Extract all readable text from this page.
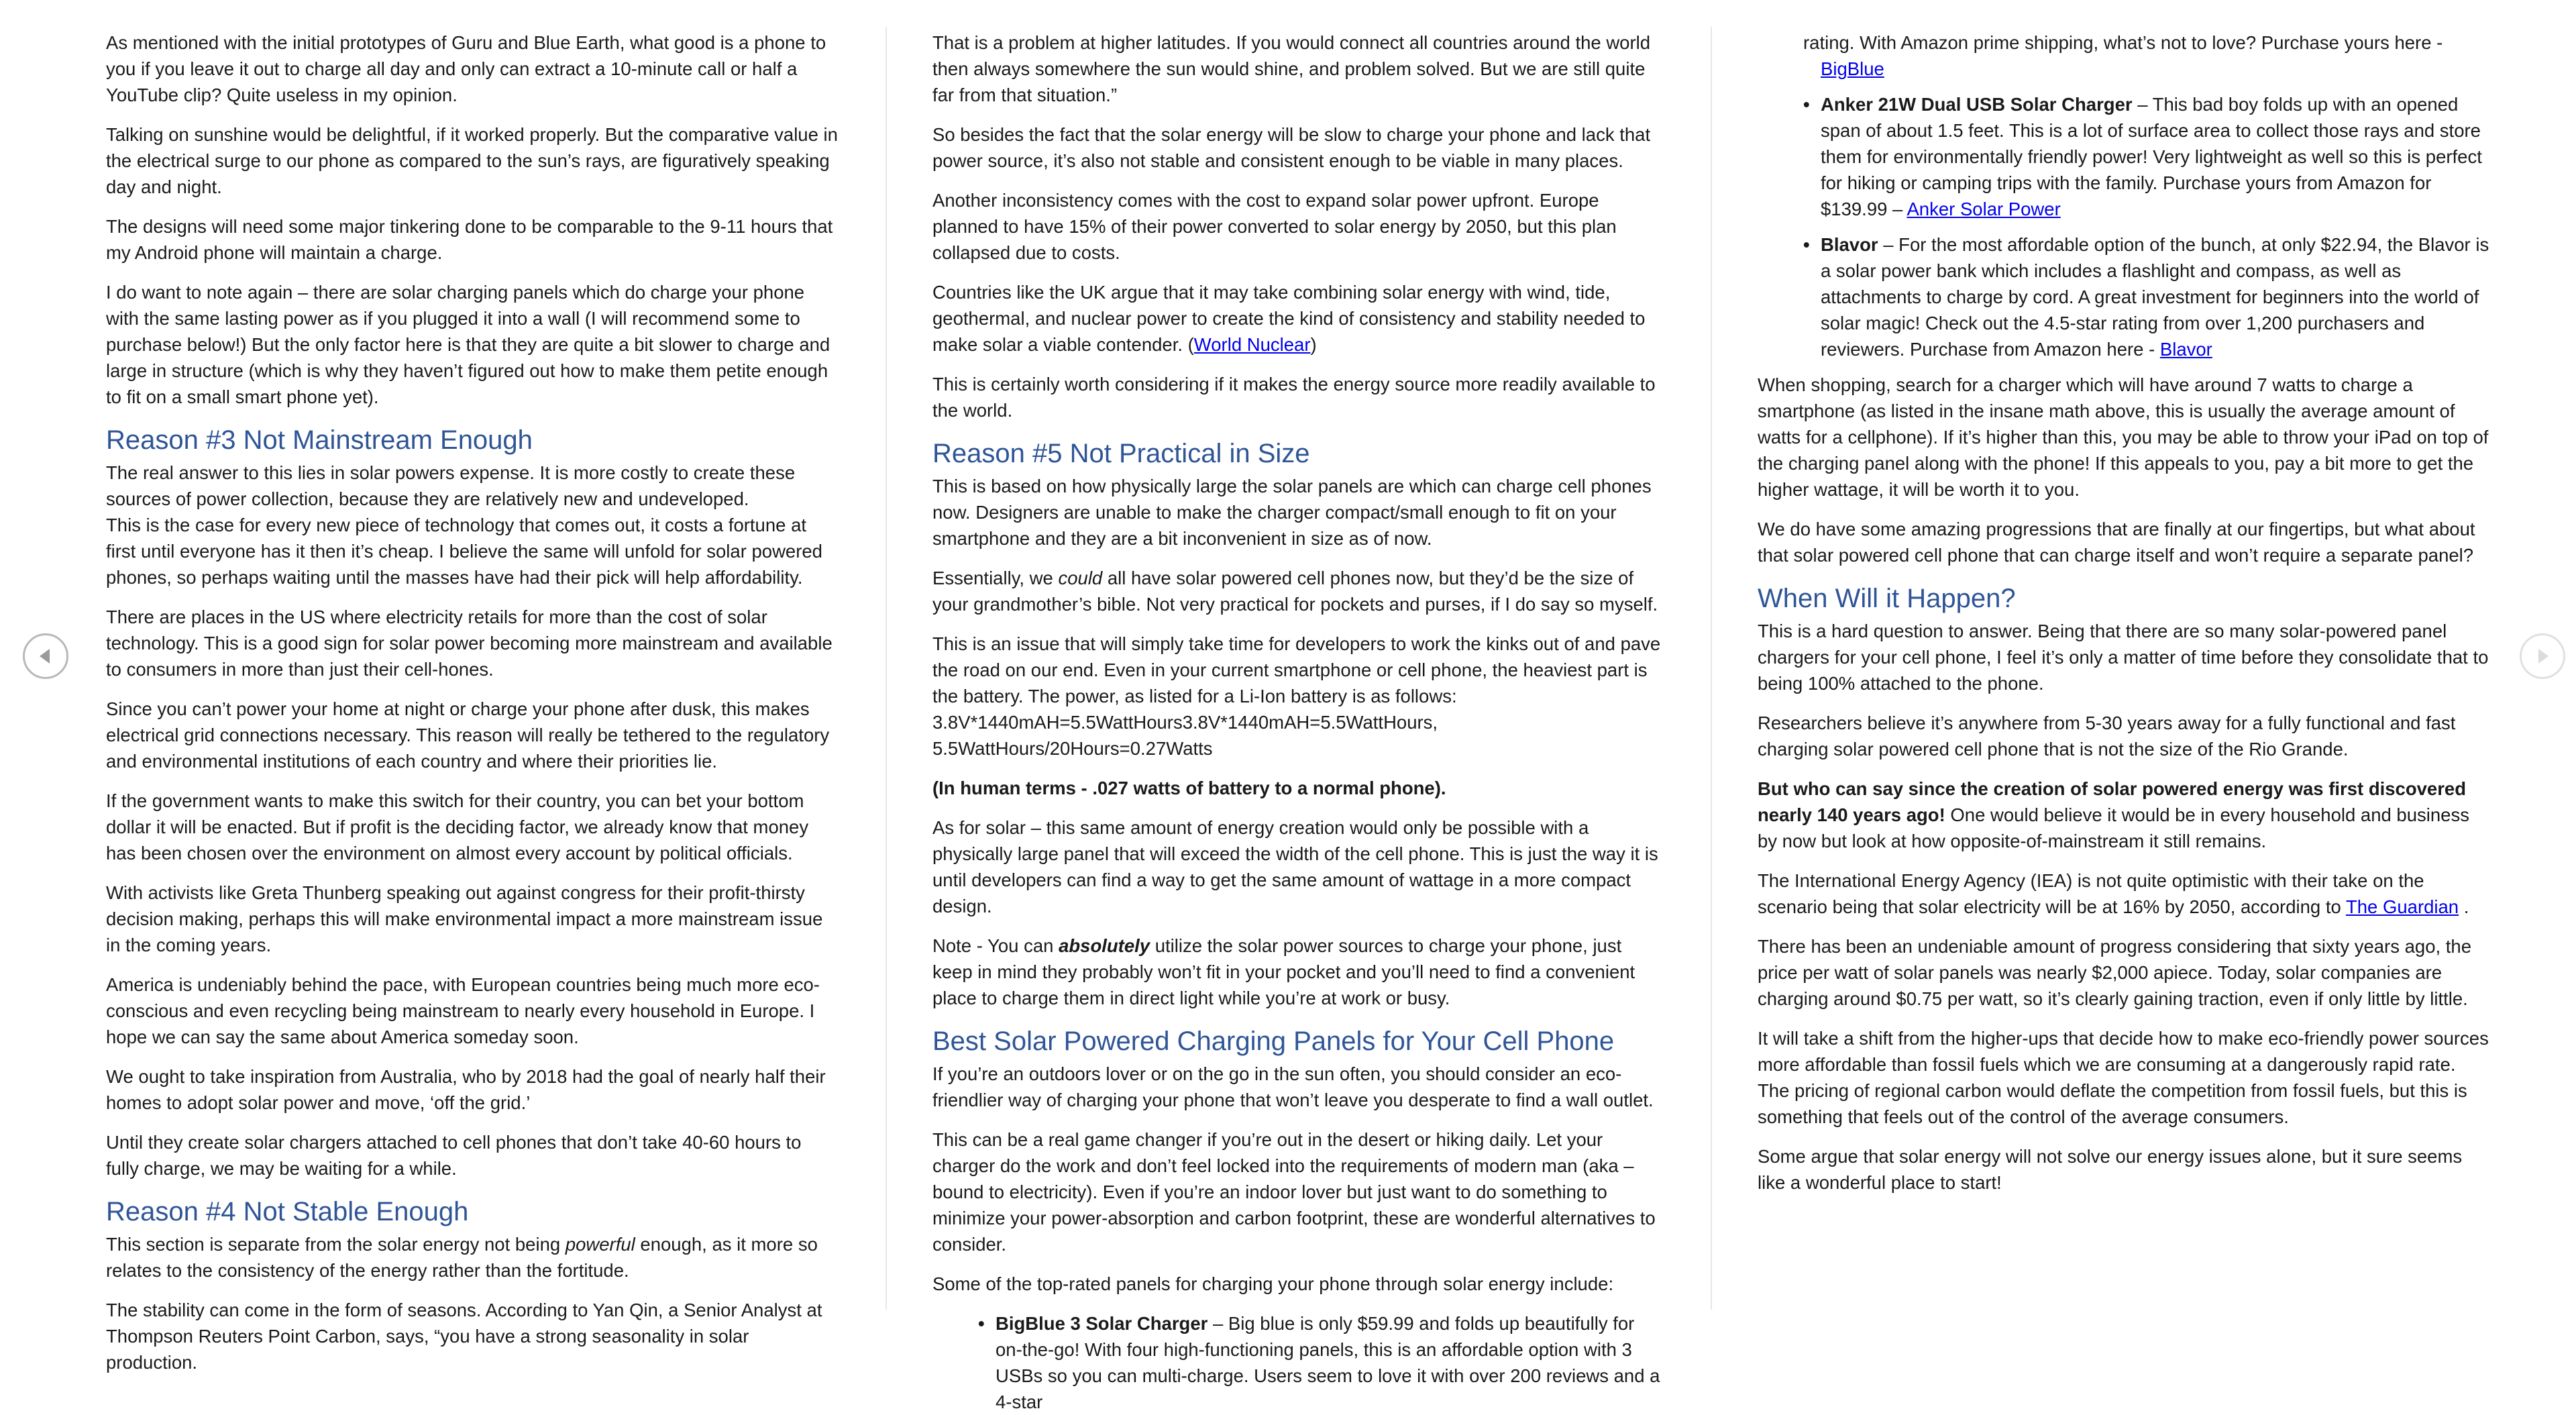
As mentioned with the initial prototypes of Guru and Blue Earth, what good is a phone to you if you leave it out to charge all day and only can extract a 10-minute call or half a YouTube clip? Quite useless in my opinion.

Talking on sunshine would be delightful, if it worked properly. But the comparative value in the electrical surge to our phone as compared to the sun’s rays, are figuratively speaking day and night.

The designs will need some major tinkering done to be comparable to the 9-11 hours that my Android phone will maintain a charge.

I do want to note again – there are solar charging panels which do charge your phone with the same lasting power as if you plugged it into a wall (I will recommend some to purchase below!) But the only factor here is that they are quite a bit slower to charge and large in structure (which is why they haven’t figured out how to make them petite enough to fit on a small smart phone yet).

Reason #3 Not Mainstream Enough

The real answer to this lies in solar powers expense. It is more costly to create these sources of power collection, because they are relatively new and undeveloped.

This is the case for every new piece of technology that comes out, it costs a fortune at first until everyone has it then it’s cheap. I believe the same will unfold for solar powered phones, so perhaps waiting until the masses have had their pick will help affordability.

There are places in the US where electricity retails for more than the cost of solar technology. This is a good sign for solar power becoming more mainstream and available to consumers in more than just their cell-hones.

Since you can’t power your home at night or charge your phone after dusk, this makes electrical grid connections necessary. This reason will really be tethered to the regulatory and environmental institutions of each country and where their priorities lie.

If the government wants to make this switch for their country, you can bet your bottom dollar it will be enacted. But if profit is the deciding factor, we already know that money has been chosen over the environment on almost every account by political officials.

With activists like Greta Thunberg speaking out against congress for their profit-thirsty decision making, perhaps this will make environmental impact a more mainstream issue in the coming years.

America is undeniably behind the pace, with European countries being much more eco-conscious and even recycling being mainstream to nearly every household in Europe. I hope we can say the same about America someday soon.

We ought to take inspiration from Australia, who by 2018 had the goal of nearly half their homes to adopt solar power and move, ‘off the grid.’

Until they create solar chargers attached to cell phones that don’t take 40-60 hours to fully charge, we may be waiting for a while.

Reason #4 Not Stable Enough

This section is separate from the solar energy not being powerful enough, as it more so relates to the consistency of the energy rather than the fortitude.

The stability can come in the form of seasons. According to Yan Qin, a Senior Analyst at Thompson Reuters Point Carbon, says, “you have a strong seasonality in solar production.

That is a problem at higher latitudes. If you would connect all countries around the world then always somewhere the sun would shine, and problem solved. But we are still quite far from that situation.”

So besides the fact that the solar energy will be slow to charge your phone and lack that power source, it’s also not stable and consistent enough to be viable in many places.

Another inconsistency comes with the cost to expand solar power upfront. Europe planned to have 15% of their power converted to solar energy by 2050, but this plan collapsed due to costs.

Countries like the UK argue that it may take combining solar energy with wind, tide, geothermal, and nuclear power to create the kind of consistency and stability needed to make solar a viable contender. (World Nuclear)

This is certainly worth considering if it makes the energy source more readily available to the world.

Reason #5 Not Practical in Size

This is based on how physically large the solar panels are which can charge cell phones now. Designers are unable to make the charger compact/small enough to fit on your smartphone and they are a bit inconvenient in size as of now.

Essentially, we could all have solar powered cell phones now, but they’d be the size of your grandmother’s bible. Not very practical for pockets and purses, if I do say so myself.

This is an issue that will simply take time for developers to work the kinks out of and pave the road on our end. Even in your current smartphone or cell phone, the heaviest part is the battery. The power, as listed for a Li-Ion battery is as follows: 3.8V*1440mAH=5.5WattHours3.8V*1440mAH=5.5WattHours, 5.5WattHours/20Hours=0.27Watts

(In human terms - .027 watts of battery to a normal phone).

As for solar – this same amount of energy creation would only be possible with a physically large panel that will exceed the width of the cell phone. This is just the way it is until developers can find a way to get the same amount of wattage in a more compact design.

Note - You can absolutely utilize the solar power sources to charge your phone, just keep in mind they probably won’t fit in your pocket and you’ll need to find a convenient place to charge them in direct light while you’re at work or busy.

Best Solar Powered Charging Panels for Your Cell Phone

If you’re an outdoors lover or on the go in the sun often, you should consider an eco-friendlier way of charging your phone that won’t leave you desperate to find a wall outlet.

This can be a real game changer if you’re out in the desert or hiking daily. Let your charger do the work and don’t feel locked into the requirements of modern man (aka – bound to electricity). Even if you’re an indoor lover but just want to do something to minimize your power-absorption and carbon footprint, these are wonderful alternatives to consider.

Some of the top-rated panels for charging your phone through solar energy include:

• BigBlue 3 Solar Charger – Big blue is only $59.99 and folds up beautifully for on-the-go! With four high-functioning panels, this is an affordable option with 3 USBs so you can multi-charge. Users seem to love it with over 200 reviews and a 4-star
rating. With Amazon prime shipping, what’s not to love? Purchase yours here - BigBlue
• Anker 21W Dual USB Solar Charger – This bad boy folds up with an opened span of about 1.5 feet. This is a lot of surface area to collect those rays and store them for environmentally friendly power! Very lightweight as well so this is perfect for hiking or camping trips with the family. Purchase yours from Amazon for $139.99 – Anker Solar Power
• Blavor – For the most affordable option of the bunch, at only $22.94, the Blavor is a solar power bank which includes a flashlight and compass, as well as attachments to charge by cord. A great investment for beginners into the world of solar magic! Check out the 4.5-star rating from over 1,200 purchasers and reviewers. Purchase from Amazon here - Blavor

When shopping, search for a charger which will have around 7 watts to charge a smartphone (as listed in the insane math above, this is usually the average amount of watts for a cellphone). If it’s higher than this, you may be able to throw your iPad on top of the charging panel along with the phone! If this appeals to you, pay a bit more to get the higher wattage, it will be worth it to you.

We do have some amazing progressions that are finally at our fingertips, but what about that solar powered cell phone that can charge itself and won’t require a separate panel?

When Will it Happen?

This is a hard question to answer. Being that there are so many solar-powered panel chargers for your cell phone, I feel it’s only a matter of time before they consolidate that to being 100% attached to the phone.

Researchers believe it’s anywhere from 5-30 years away for a fully functional and fast charging solar powered cell phone that is not the size of the Rio Grande.

But who can say since the creation of solar powered energy was first discovered nearly 140 years ago! One would believe it would be in every household and business by now but look at how opposite-of-mainstream it still remains.

The International Energy Agency (IEA) is not quite optimistic with their take on the scenario being that solar electricity will be at 16% by 2050, according to The Guardian .

There has been an undeniable amount of progress considering that sixty years ago, the price per watt of solar panels was nearly $2,000 apiece. Today, solar companies are charging around $0.75 per watt, so it’s clearly gaining traction, even if only little by little.

It will take a shift from the higher-ups that decide how to make eco-friendly power sources more affordable than fossil fuels which we are consuming at a dangerously rapid rate. The pricing of regional carbon would deflate the competition from fossil fuels, but this is something that feels out of the control of the average consumers.

Some argue that solar energy will not solve our energy issues alone, but it sure seems like a wonderful place to start!
